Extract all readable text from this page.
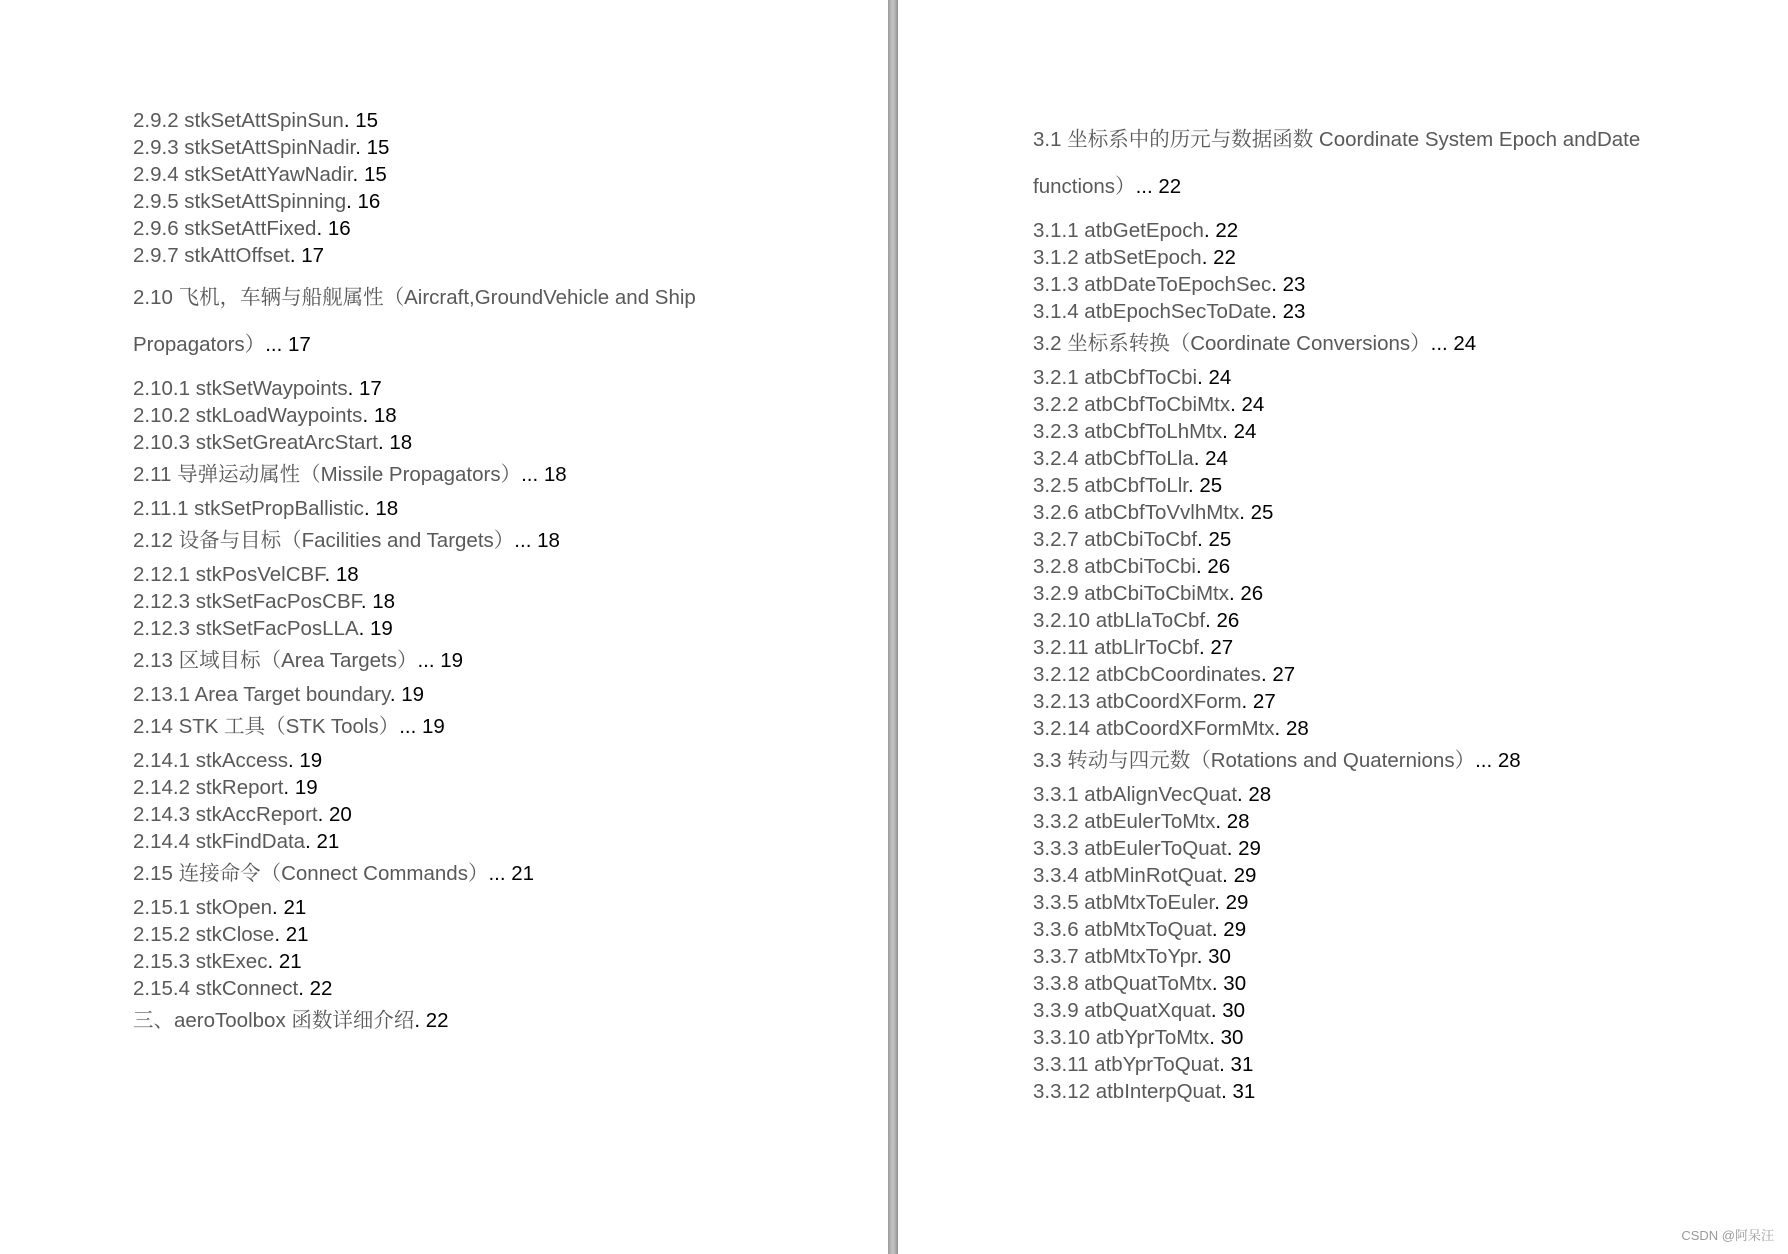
2.9.2 stkSetAttSpinSun. 15
2.9.3 stkSetAttSpinNadir. 15
2.9.4 stkSetAttYawNadir. 15
2.9.5 stkSetAttSpinning. 16
2.9.6 stkSetAttFixed. 16
2.9.7 stkAttOffset. 17
2.10 飞机，车辆与船舰属性（Aircraft,GroundVehicle and Ship Propagators）... 17
2.10.1 stkSetWaypoints. 17
2.10.2 stkLoadWaypoints. 18
2.10.3 stkSetGreatArcStart. 18
2.11 导弹运动属性（Missile Propagators）... 18
2.11.1 stkSetPropBallistic. 18
2.12 设备与目标（Facilities and Targets）... 18
2.12.1 stkPosVelCBF. 18
2.12.3 stkSetFacPosCBF. 18
2.12.3 stkSetFacPosLLA. 19
2.13 区域目标（Area Targets）... 19
2.13.1 Area Target boundary. 19
2.14 STK 工具（STK Tools）... 19
2.14.1 stkAccess. 19
2.14.2 stkReport. 19
2.14.3 stkAccReport. 20
2.14.4 stkFindData. 21
2.15 连接命令（Connect Commands）... 21
2.15.1 stkOpen. 21
2.15.2 stkClose. 21
2.15.3 stkExec. 21
2.15.4 stkConnect. 22
三、aeroToolbox 函数详细介绍. 22
3.1 坐标系中的历元与数据函数 Coordinate System Epoch andDate functions）... 22
3.1.1 atbGetEpoch. 22
3.1.2 atbSetEpoch. 22
3.1.3 atbDateToEpochSec. 23
3.1.4 atbEpochSecToDate. 23
3.2 坐标系转换（Coordinate Conversions）... 24
3.2.1 atbCbfToCbi. 24
3.2.2 atbCbfToCbiMtx. 24
3.2.3 atbCbfToLhMtx. 24
3.2.4 atbCbfToLla. 24
3.2.5 atbCbfToLlr. 25
3.2.6 atbCbfToVvlhMtx. 25
3.2.7 atbCbiToCbf. 25
3.2.8 atbCbiToCbi. 26
3.2.9 atbCbiToCbiMtx. 26
3.2.10 atbLlaToCbf. 26
3.2.11 atbLlrToCbf. 27
3.2.12 atbCbCoordinates. 27
3.2.13 atbCoordXForm. 27
3.2.14 atbCoordXFormMtx. 28
3.3 转动与四元数（Rotations and Quaternions）... 28
3.3.1 atbAlignVecQuat. 28
3.3.2 atbEulerToMtx. 28
3.3.3 atbEulerToQuat. 29
3.3.4 atbMinRotQuat. 29
3.3.5 atbMtxToEuler. 29
3.3.6 atbMtxToQuat. 29
3.3.7 atbMtxToYpr. 30
3.3.8 atbQuatToMtx. 30
3.3.9 atbQuatXquat. 30
3.3.10 atbYprToMtx. 30
3.3.11 atbYprToQuat. 31
3.3.12 atbInterpQuat. 31
CSDN @阿呆汪
